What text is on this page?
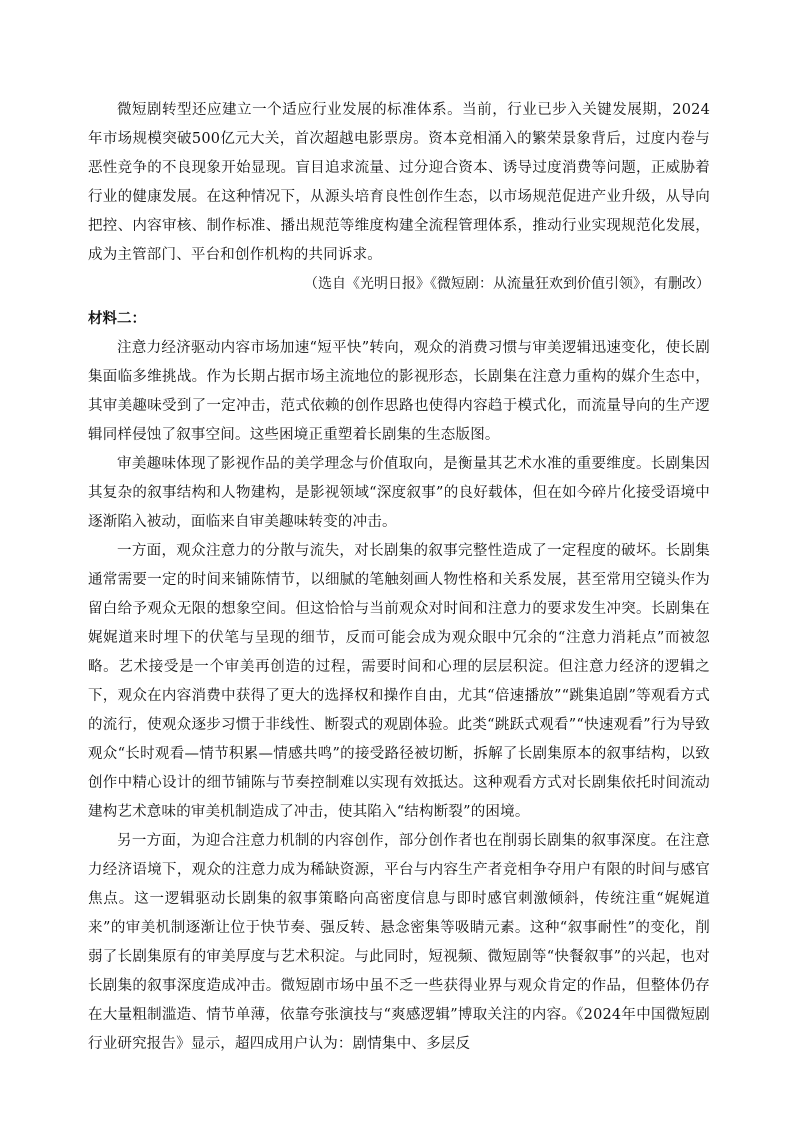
微短剧转型还应建立一个适应行业发展的标准体系。当前，行业已步入关键发展期，2024年市场规模突破500亿元大关，首次超越电影票房。资本竞相涌入的繁荣景象背后，过度内卷与恶性竞争的不良现象开始显现。盲目追求流量、过分迎合资本、诱导过度消费等问题，正威胁着行业的健康发展。在这种情况下，从源头培育良性创作生态，以市场规范促进产业升级，从导向把控、内容审核、制作标准、播出规范等维度构建全流程管理体系，推动行业实现规范化发展，成为主管部门、平台和创作机构的共同诉求。

（选自《光明日报》《微短剧：从流量狂欢到价值引领》，有删改）

材料二：

注意力经济驱动内容市场加速“短平快”转向，观众的消费习惯与审美逻辑迅速变化，使长剧集面临多维挑战。作为长期占据市场主流地位的影视形态，长剧集在注意力重构的媒介生态中，其审美趣味受到了一定冲击，范式依赖的创作思路也使得内容趋于模式化，而流量导向的生产逻辑同样侵蚀了叙事空间。这些困境正重塑着长剧集的生态版图。

审美趣味体现了影视作品的美学理念与价值取向，是衡量其艺术水准的重要维度。长剧集因其复杂的叙事结构和人物建构，是影视领域“深度叙事”的良好载体，但在如今碎片化接受语境中逐渐陷入被动，面临来自审美趣味转变的冲击。

一方面，观众注意力的分散与流失，对长剧集的叙事完整性造成了一定程度的破坏。长剧集通常需要一定的时间来铺陈情节，以细腻的笔触刻画人物性格和关系发展，甚至常用空镜头作为留白给予观众无限的想象空间。但这恰恰与当前观众对时间和注意力的要求发生冲突。长剧集在娓娓道来时埋下的伏笔与呈现的细节，反而可能会成为观众眼中冗余的“注意力消耗点”而被忽略。艺术接受是一个审美再创造的过程，需要时间和心理的层层积淀。但注意力经济的逻辑之下，观众在内容消费中获得了更大的选择权和操作自由，尤其“倍速播放”“跳集追剧”等观看方式的流行，使观众逐步习惯于非线性、断裂式的观剧体验。此类“跳跃式观看”“快速观看”行为导致观众“长时观看—情节积累—情感共鸣”的接受路径被切断，拆解了长剧集原本的叙事结构，以致创作中精心设计的细节铺陈与节奏控制难以实现有效抵达。这种观看方式对长剧集依托时间流动建构艺术意味的审美机制造成了冲击，使其陷入“结构断裂”的困境。

另一方面，为迎合注意力机制的内容创作，部分创作者也在削弱长剧集的叙事深度。在注意力经济语境下，观众的注意力成为稀缺资源，平台与内容生产者竞相争夺用户有限的时间与感官焦点。这一逻辑驱动长剧集的叙事策略向高密度信息与即时感官刺激倾斜，传统注重“娓娓道来”的审美机制逐渐让位于快节奏、强反转、悬念密集等吸睛元素。这种“叙事耐性”的变化，削弱了长剧集原有的审美厚度与艺术积淀。与此同时，短视频、微短剧等“快餐叙事”的兴起，也对长剧集的叙事深度造成冲击。微短剧市场中虽不乏一些获得业界与观众肯定的作品，但整体仍存在大量粗制滥造、情节单薄，依靠夸张演技与“爽感逻辑”博取关注的内容。《2024年中国微短剧行业研究报告》显示，超四成用户认为：剧情集中、多层反
